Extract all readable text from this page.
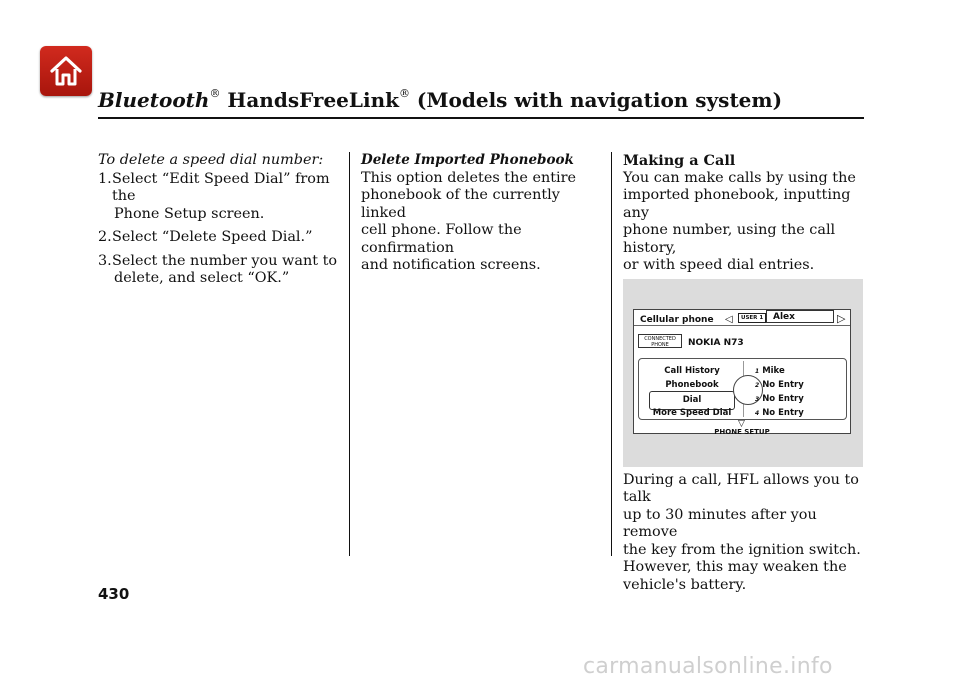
Bluetooth® HandsFreeLink® (Models with navigation system)
To delete a speed dial number:
1. Select “Edit Speed Dial” from the
Phone Setup screen.
2. Select “Delete Speed Dial.”
3. Select the number you want to
delete, and select “OK.”
Delete Imported Phonebook
This option deletes the entire
phonebook of the currently linked
cell phone. Follow the confirmation
and notification screens.
Making a Call
You can make calls by using the
imported phonebook, inputting any
phone number, using the call history,
or with speed dial entries.
Cellular phone ◁	USER 1	Alex	▷
CONNECTED
PHONE	NOKIA N73
Call History
Phonebook
Dial
More Speed Dial
1 Mike
2 No Entry
3 No Entry
4 No Entry
▽
PHONE SETUP
During a call, HFL allows you to talk
up to 30 minutes after you remove
the key from the ignition switch.
However, this may weaken the
vehicle's battery.
430
carmanualsonline.info
